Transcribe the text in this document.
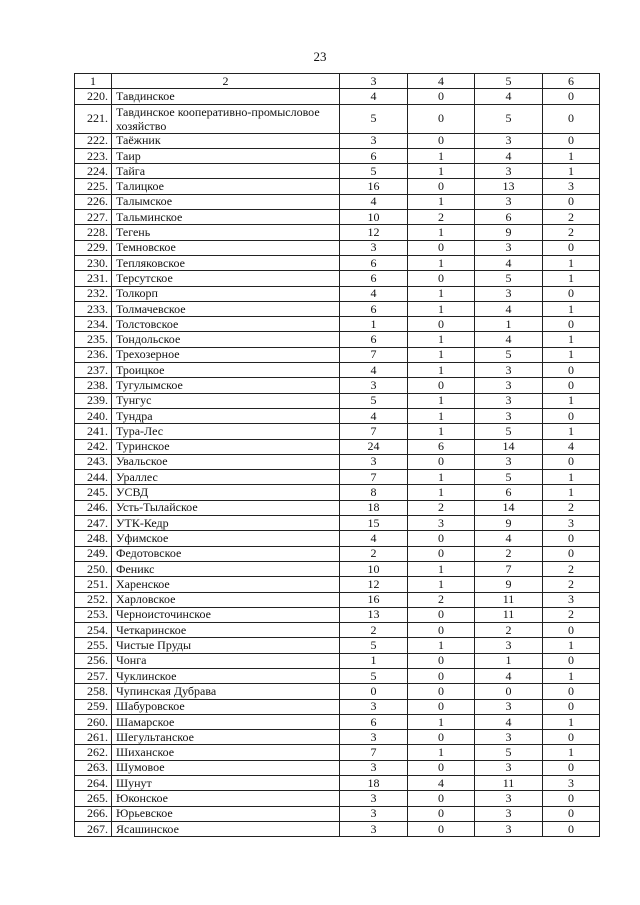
23
1	2	3	4	5	6
220.	Тавдинское	4	0	4	0
221.	Тавдинское кооперативно-промысловое хозяйство	5	0	5	0
222.	Таёжник	3	0	3	0
223.	Таир	6	1	4	1
224.	Тайга	5	1	3	1
225.	Талицкое	16	0	13	3
226.	Талымское	4	1	3	0
227.	Тальминское	10	2	6	2
228.	Тегень	12	1	9	2
229.	Темновское	3	0	3	0
230.	Тепляковское	6	1	4	1
231.	Терсутское	6	0	5	1
232.	Толкорп	4	1	3	0
233.	Толмачевское	6	1	4	1
234.	Толстовское	1	0	1	0
235.	Тондольское	6	1	4	1
236.	Трехозерное	7	1	5	1
237.	Троицкое	4	1	3	0
238.	Тугулымское	3	0	3	0
239.	Тунгус	5	1	3	1
240.	Тундра	4	1	3	0
241.	Тура-Лес	7	1	5	1
242.	Туринское	24	6	14	4
243.	Увальское	3	0	3	0
244.	Ураллес	7	1	5	1
245.	УСВД	8	1	6	1
246.	Усть-Тылайское	18	2	14	2
247.	УТК-Кедр	15	3	9	3
248.	Уфимское	4	0	4	0
249.	Федотовское	2	0	2	0
250.	Феникс	10	1	7	2
251.	Харенское	12	1	9	2
252.	Харловское	16	2	11	3
253.	Черноисточинское	13	0	11	2
254.	Четкаринское	2	0	2	0
255.	Чистые Пруды	5	1	3	1
256.	Чонга	1	0	1	0
257.	Чуклинское	5	0	4	1
258.	Чупинская Дубрава	0	0	0	0
259.	Шабуровское	3	0	3	0
260.	Шамарское	6	1	4	1
261.	Шегультанское	3	0	3	0
262.	Шиханское	7	1	5	1
263.	Шумовое	3	0	3	0
264.	Шунут	18	4	11	3
265.	Юконское	3	0	3	0
266.	Юрьевское	3	0	3	0
267.	Ясашинское	3	0	3	0
